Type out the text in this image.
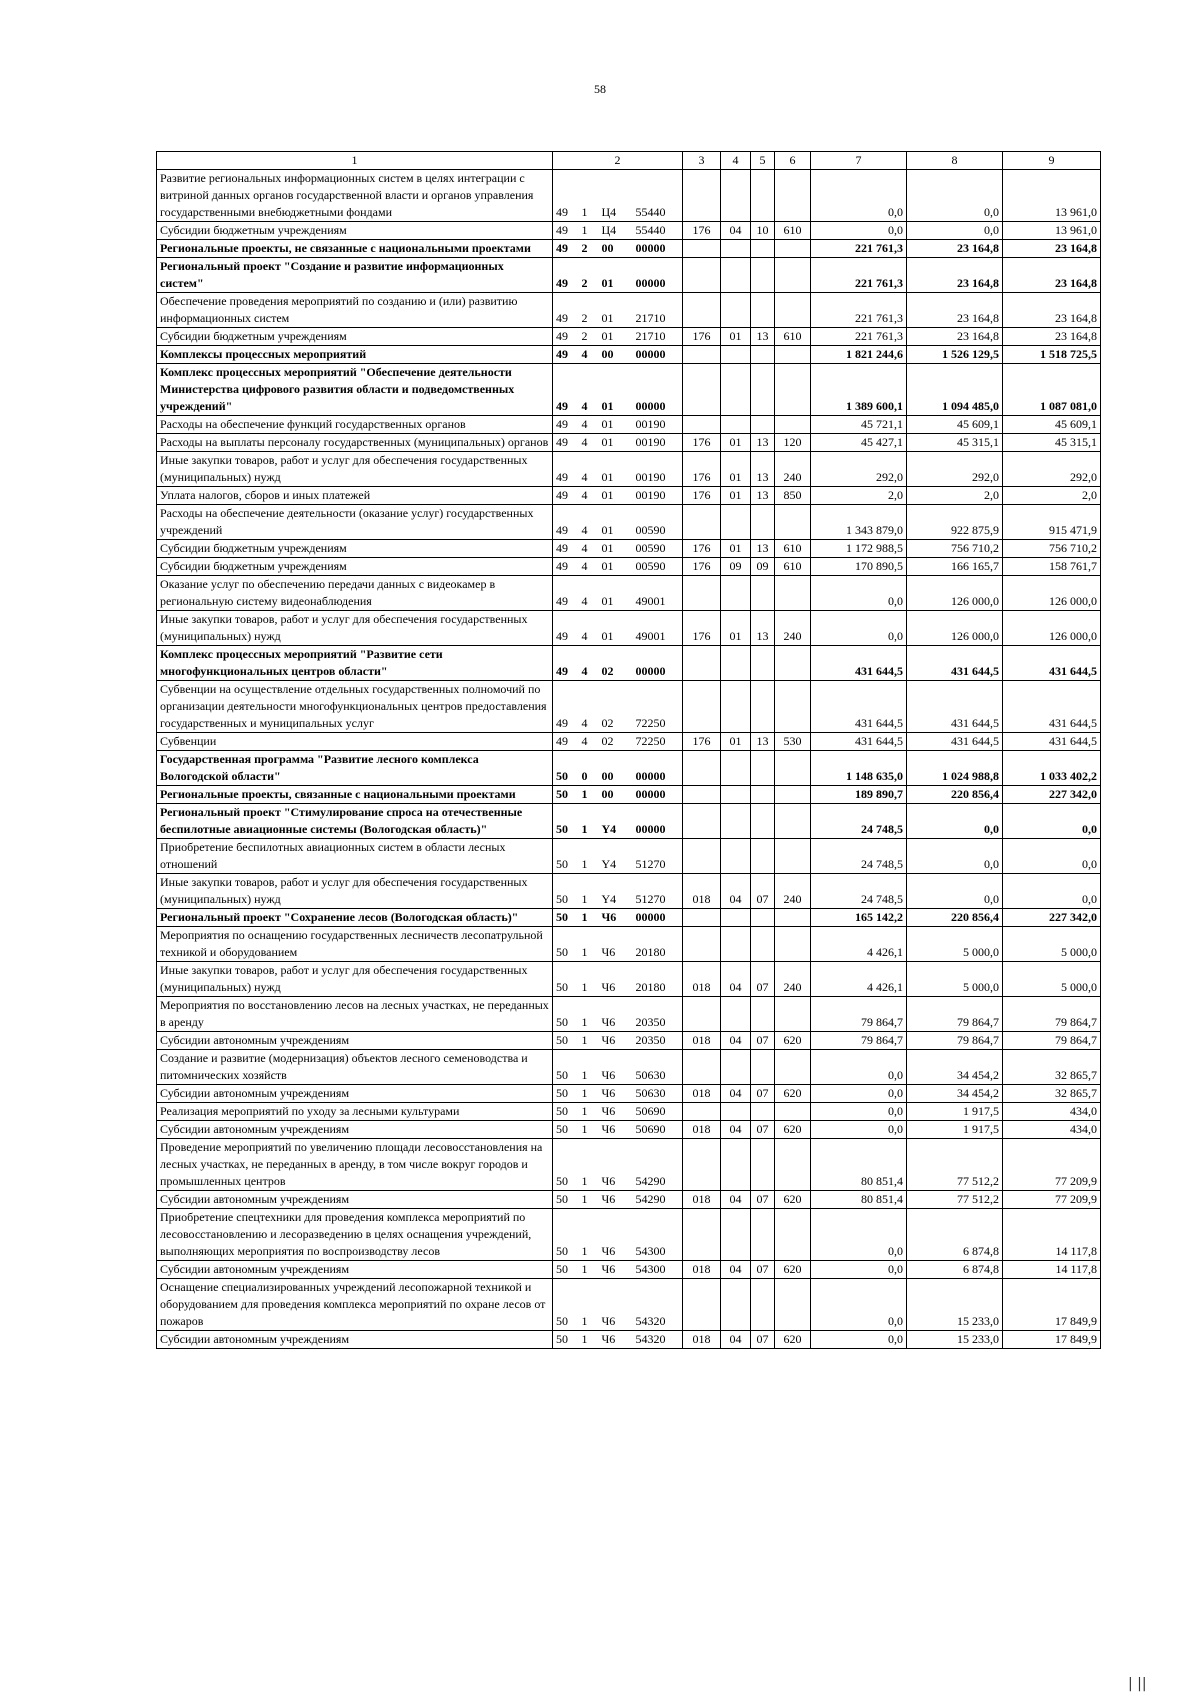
58
1	2				3	4	5	6	7	8	9
Развитие региональных информационных систем в целях интеграции с витриной данных органов государственной власти и органов управления государственными внебюджетными фондами	49	1	Ц4	55440					0,0	0,0	13 961,0
Субсидии бюджетным учреждениям	49	1	Ц4	55440	176	04	10	610	0,0	0,0	13 961,0
Региональные проекты, не связанные с национальными проектами	49	2	00	00000					221 761,3	23 164,8	23 164,8
Региональный проект "Создание и развитие информационных систем"	49	2	01	00000					221 761,3	23 164,8	23 164,8
Обеспечение проведения мероприятий по созданию и (или) развитию информационных систем	49	2	01	21710					221 761,3	23 164,8	23 164,8
Субсидии бюджетным учреждениям	49	2	01	21710	176	01	13	610	221 761,3	23 164,8	23 164,8
Комплексы процессных мероприятий	49	4	00	00000					1 821 244,6	1 526 129,5	1 518 725,5
Комплекс процессных мероприятий "Обеспечение деятельности Министерства цифрового развития области и подведомственных учреждений"	49	4	01	00000					1 389 600,1	1 094 485,0	1 087 081,0
Расходы на обеспечение функций государственных органов	49	4	01	00190					45 721,1	45 609,1	45 609,1
Расходы на выплаты персоналу государственных (муниципальных) органов	49	4	01	00190	176	01	13	120	45 427,1	45 315,1	45 315,1
Иные закупки товаров, работ и услуг для обеспечения государственных (муниципальных) нужд	49	4	01	00190	176	01	13	240	292,0	292,0	292,0
Уплата налогов, сборов и иных платежей	49	4	01	00190	176	01	13	850	2,0	2,0	2,0
Расходы на обеспечение деятельности (оказание услуг) государственных учреждений	49	4	01	00590					1 343 879,0	922 875,9	915 471,9
Субсидии бюджетным учреждениям	49	4	01	00590	176	01	13	610	1 172 988,5	756 710,2	756 710,2
Субсидии бюджетным учреждениям	49	4	01	00590	176	09	09	610	170 890,5	166 165,7	158 761,7
Оказание услуг по обеспечению передачи данных с видеокамер в региональную систему видеонаблюдения	49	4	01	49001					0,0	126 000,0	126 000,0
Иные закупки товаров, работ и услуг для обеспечения государственных (муниципальных) нужд	49	4	01	49001	176	01	13	240	0,0	126 000,0	126 000,0
Комплекс процессных мероприятий "Развитие сети многофункциональных центров области"	49	4	02	00000					431 644,5	431 644,5	431 644,5
Субвенции на осуществление отдельных государственных полномочий по организации деятельности многофункциональных центров предоставления государственных и муниципальных услуг	49	4	02	72250					431 644,5	431 644,5	431 644,5
Субвенции	49	4	02	72250	176	01	13	530	431 644,5	431 644,5	431 644,5
Государственная программа "Развитие лесного комплекса Вологодской области"	50	0	00	00000					1 148 635,0	1 024 988,8	1 033 402,2
Региональные проекты, связанные с национальными проектами	50	1	00	00000					189 890,7	220 856,4	227 342,0
Региональный проект "Стимулирование спроса на отечественные беспилотные авиационные системы (Вологодская область)"	50	1	Y4	00000					24 748,5	0,0	0,0
Приобретение беспилотных авиационных систем в области лесных отношений	50	1	Y4	51270					24 748,5	0,0	0,0
Иные закупки товаров, работ и услуг для обеспечения государственных (муниципальных) нужд	50	1	Y4	51270	018	04	07	240	24 748,5	0,0	0,0
Региональный проект "Сохранение лесов (Вологодская область)"	50	1	Ч6	00000					165 142,2	220 856,4	227 342,0
Мероприятия по оснащению государственных лесничеств лесопатрульной техникой и оборудованием	50	1	Ч6	20180					4 426,1	5 000,0	5 000,0
Иные закупки товаров, работ и услуг для обеспечения государственных (муниципальных) нужд	50	1	Ч6	20180	018	04	07	240	4 426,1	5 000,0	5 000,0
Мероприятия по восстановлению лесов на лесных участках, не переданных в аренду	50	1	Ч6	20350					79 864,7	79 864,7	79 864,7
Субсидии автономным учреждениям	50	1	Ч6	20350	018	04	07	620	79 864,7	79 864,7	79 864,7
Создание и развитие (модернизация) объектов лесного семеноводства и питомнических хозяйств	50	1	Ч6	50630					0,0	34 454,2	32 865,7
Субсидии автономным учреждениям	50	1	Ч6	50630	018	04	07	620	0,0	34 454,2	32 865,7
Реализация мероприятий по уходу за лесными культурами	50	1	Ч6	50690					0,0	1 917,5	434,0
Субсидии автономным учреждениям	50	1	Ч6	50690	018	04	07	620	0,0	1 917,5	434,0
Проведение мероприятий по увеличению площади лесовосстановления на лесных участках, не переданных в аренду, в том числе вокруг городов и промышленных центров	50	1	Ч6	54290					80 851,4	77 512,2	77 209,9
Субсидии автономным учреждениям	50	1	Ч6	54290	018	04	07	620	80 851,4	77 512,2	77 209,9
Приобретение спецтехники для проведения комплекса мероприятий по лесовосстановлению и лесоразведению в целях оснащения учреждений, выполняющих мероприятия по воспроизводству лесов	50	1	Ч6	54300					0,0	6 874,8	14 117,8
Субсидии автономным учреждениям	50	1	Ч6	54300	018	04	07	620	0,0	6 874,8	14 117,8
Оснащение специализированных учреждений лесопожарной техникой и оборудованием для проведения комплекса мероприятий по охране лесов от пожаров	50	1	Ч6	54320					0,0	15 233,0	17 849,9
Субсидии автономным учреждениям	50	1	Ч6	54320	018	04	07	620	0,0	15 233,0	17 849,9
| ||
